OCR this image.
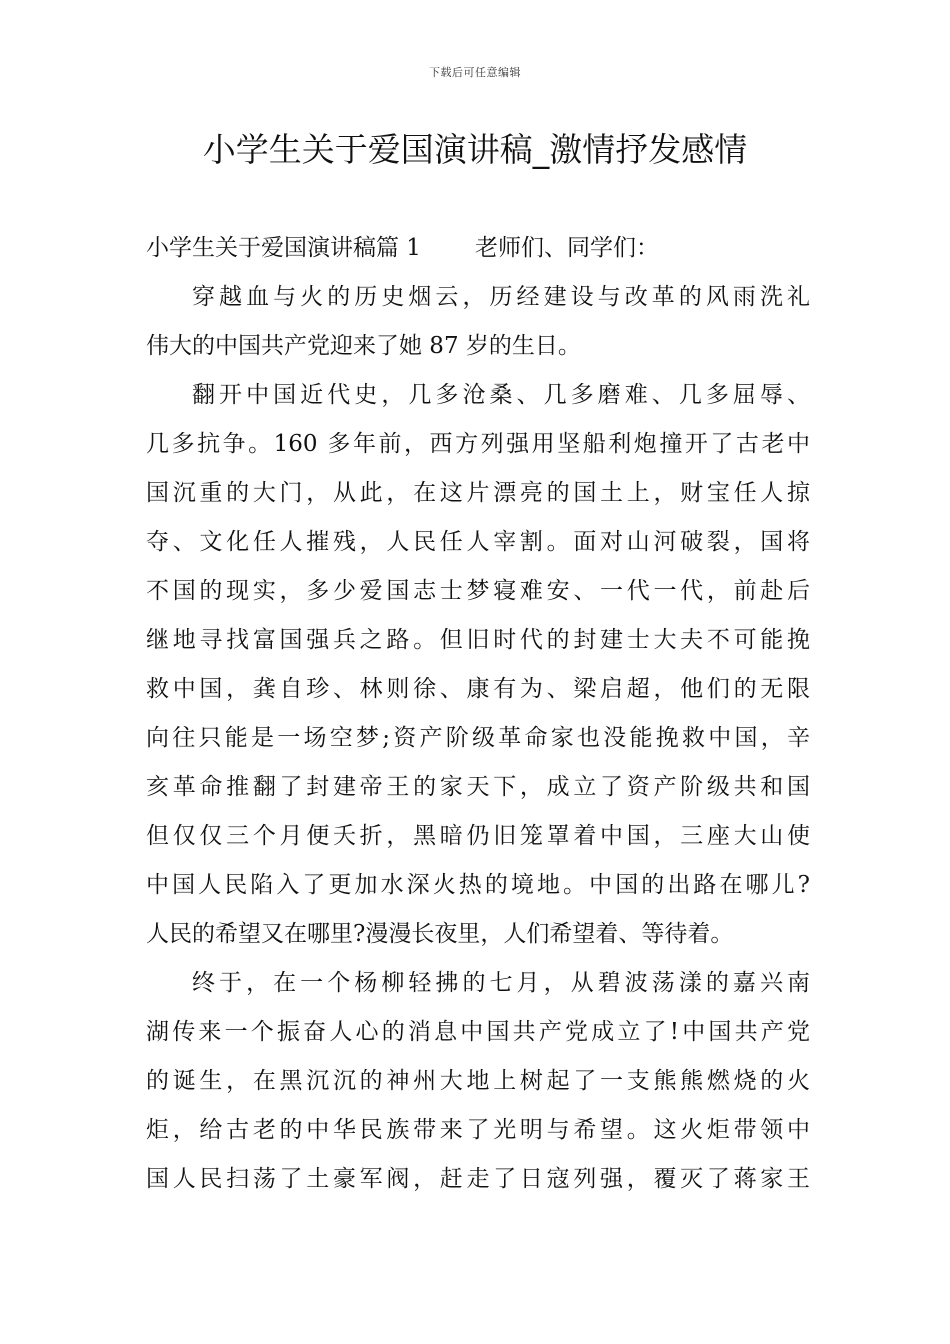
下载后可任意编辑
小学生关于爱国演讲稿_激情抒发感情
小学生关于爱国演讲稿篇 1 老师们、同学们：
穿越血与火的历史烟云，历经建设与改革的风雨洗礼
伟大的中国共产党迎来了她 87 岁的生日。
翻开中国近代史，几多沧桑、几多磨难、几多屈辱、
几多抗争。160 多年前，西方列强用坚船利炮撞开了古老中
国沉重的大门，从此，在这片漂亮的国土上，财宝任人掠
夺、文化任人摧残，人民任人宰割。面对山河破裂，国将
不国的现实，多少爱国志士梦寝难安、一代一代，前赴后
继地寻找富国强兵之路。但旧时代的封建士大夫不可能挽
救中国，龚自珍、林则徐、康有为、梁启超，他们的无限
向往只能是一场空梦;资产阶级革命家也没能挽救中国，辛
亥革命推翻了封建帝王的家天下，成立了资产阶级共和国
但仅仅三个月便夭折，黑暗仍旧笼罩着中国，三座大山使
中国人民陷入了更加水深火热的境地。中国的出路在哪儿?
人民的希望又在哪里?漫漫长夜里，人们希望着、等待着。
终于，在一个杨柳轻拂的七月，从碧波荡漾的嘉兴南
湖传来一个振奋人心的消息中国共产党成立了!中国共产党
的诞生，在黑沉沉的神州大地上树起了一支熊熊燃烧的火
炬，给古老的中华民族带来了光明与希望。这火炬带领中
国人民扫荡了土豪军阀，赶走了日寇列强，覆灭了蒋家王
